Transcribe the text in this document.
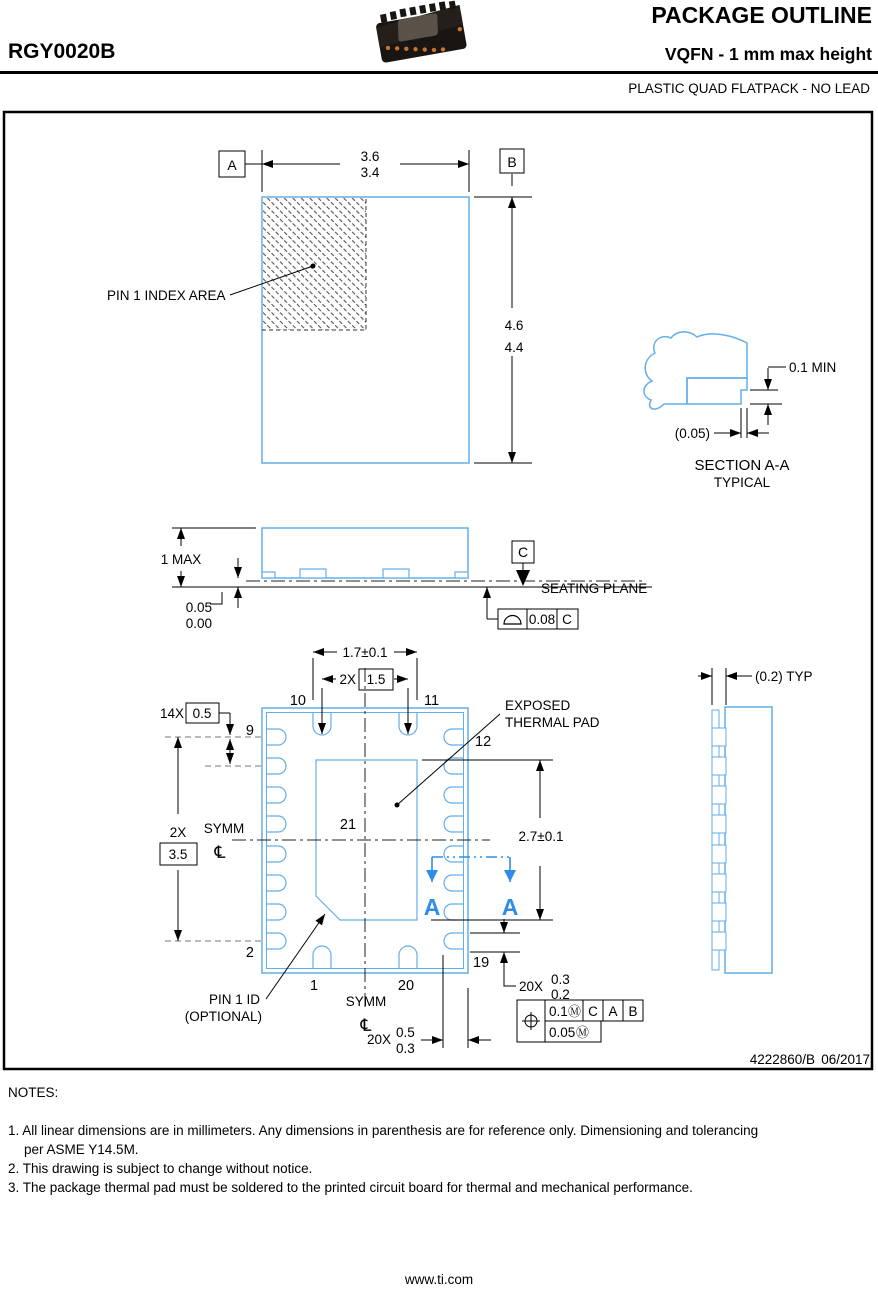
RGY0020B
PACKAGE OUTLINE
VQFN - 1 mm max height
PLASTIC QUAD FLATPACK - NO LEAD
3.6
3.4
A	B
4.6
4.4
PIN 1 INDEX AREA
0.1 MIN
(0.05)
SECTION A-A
TYPICAL
1 MAX
0.05
0.00
C
SEATING PLANE
0.08 C
10	11
9
12
2
1	20
19
21
1.7±0.1
2X 1.5
14X 0.5
2X
3.5
SYMM
℄
SYMM
℄
EXPOSED
THERMAL PAD
2.7±0.1
A	A
PIN 1 ID
(OPTIONAL)
20X 0.3
0.2
20X 0.5
0.3
0.1 Ⓜ C A B
0.05 Ⓜ
(0.2) TYP
4222860/B 06/2017
NOTES:
1. All linear dimensions are in millimeters. Any dimensions in parenthesis are for reference only. Dimensioning and tolerancing
per ASME Y14.5M.
2. This drawing is subject to change without notice.
3. The package thermal pad must be soldered to the printed circuit board for thermal and mechanical performance.
www.ti.com
